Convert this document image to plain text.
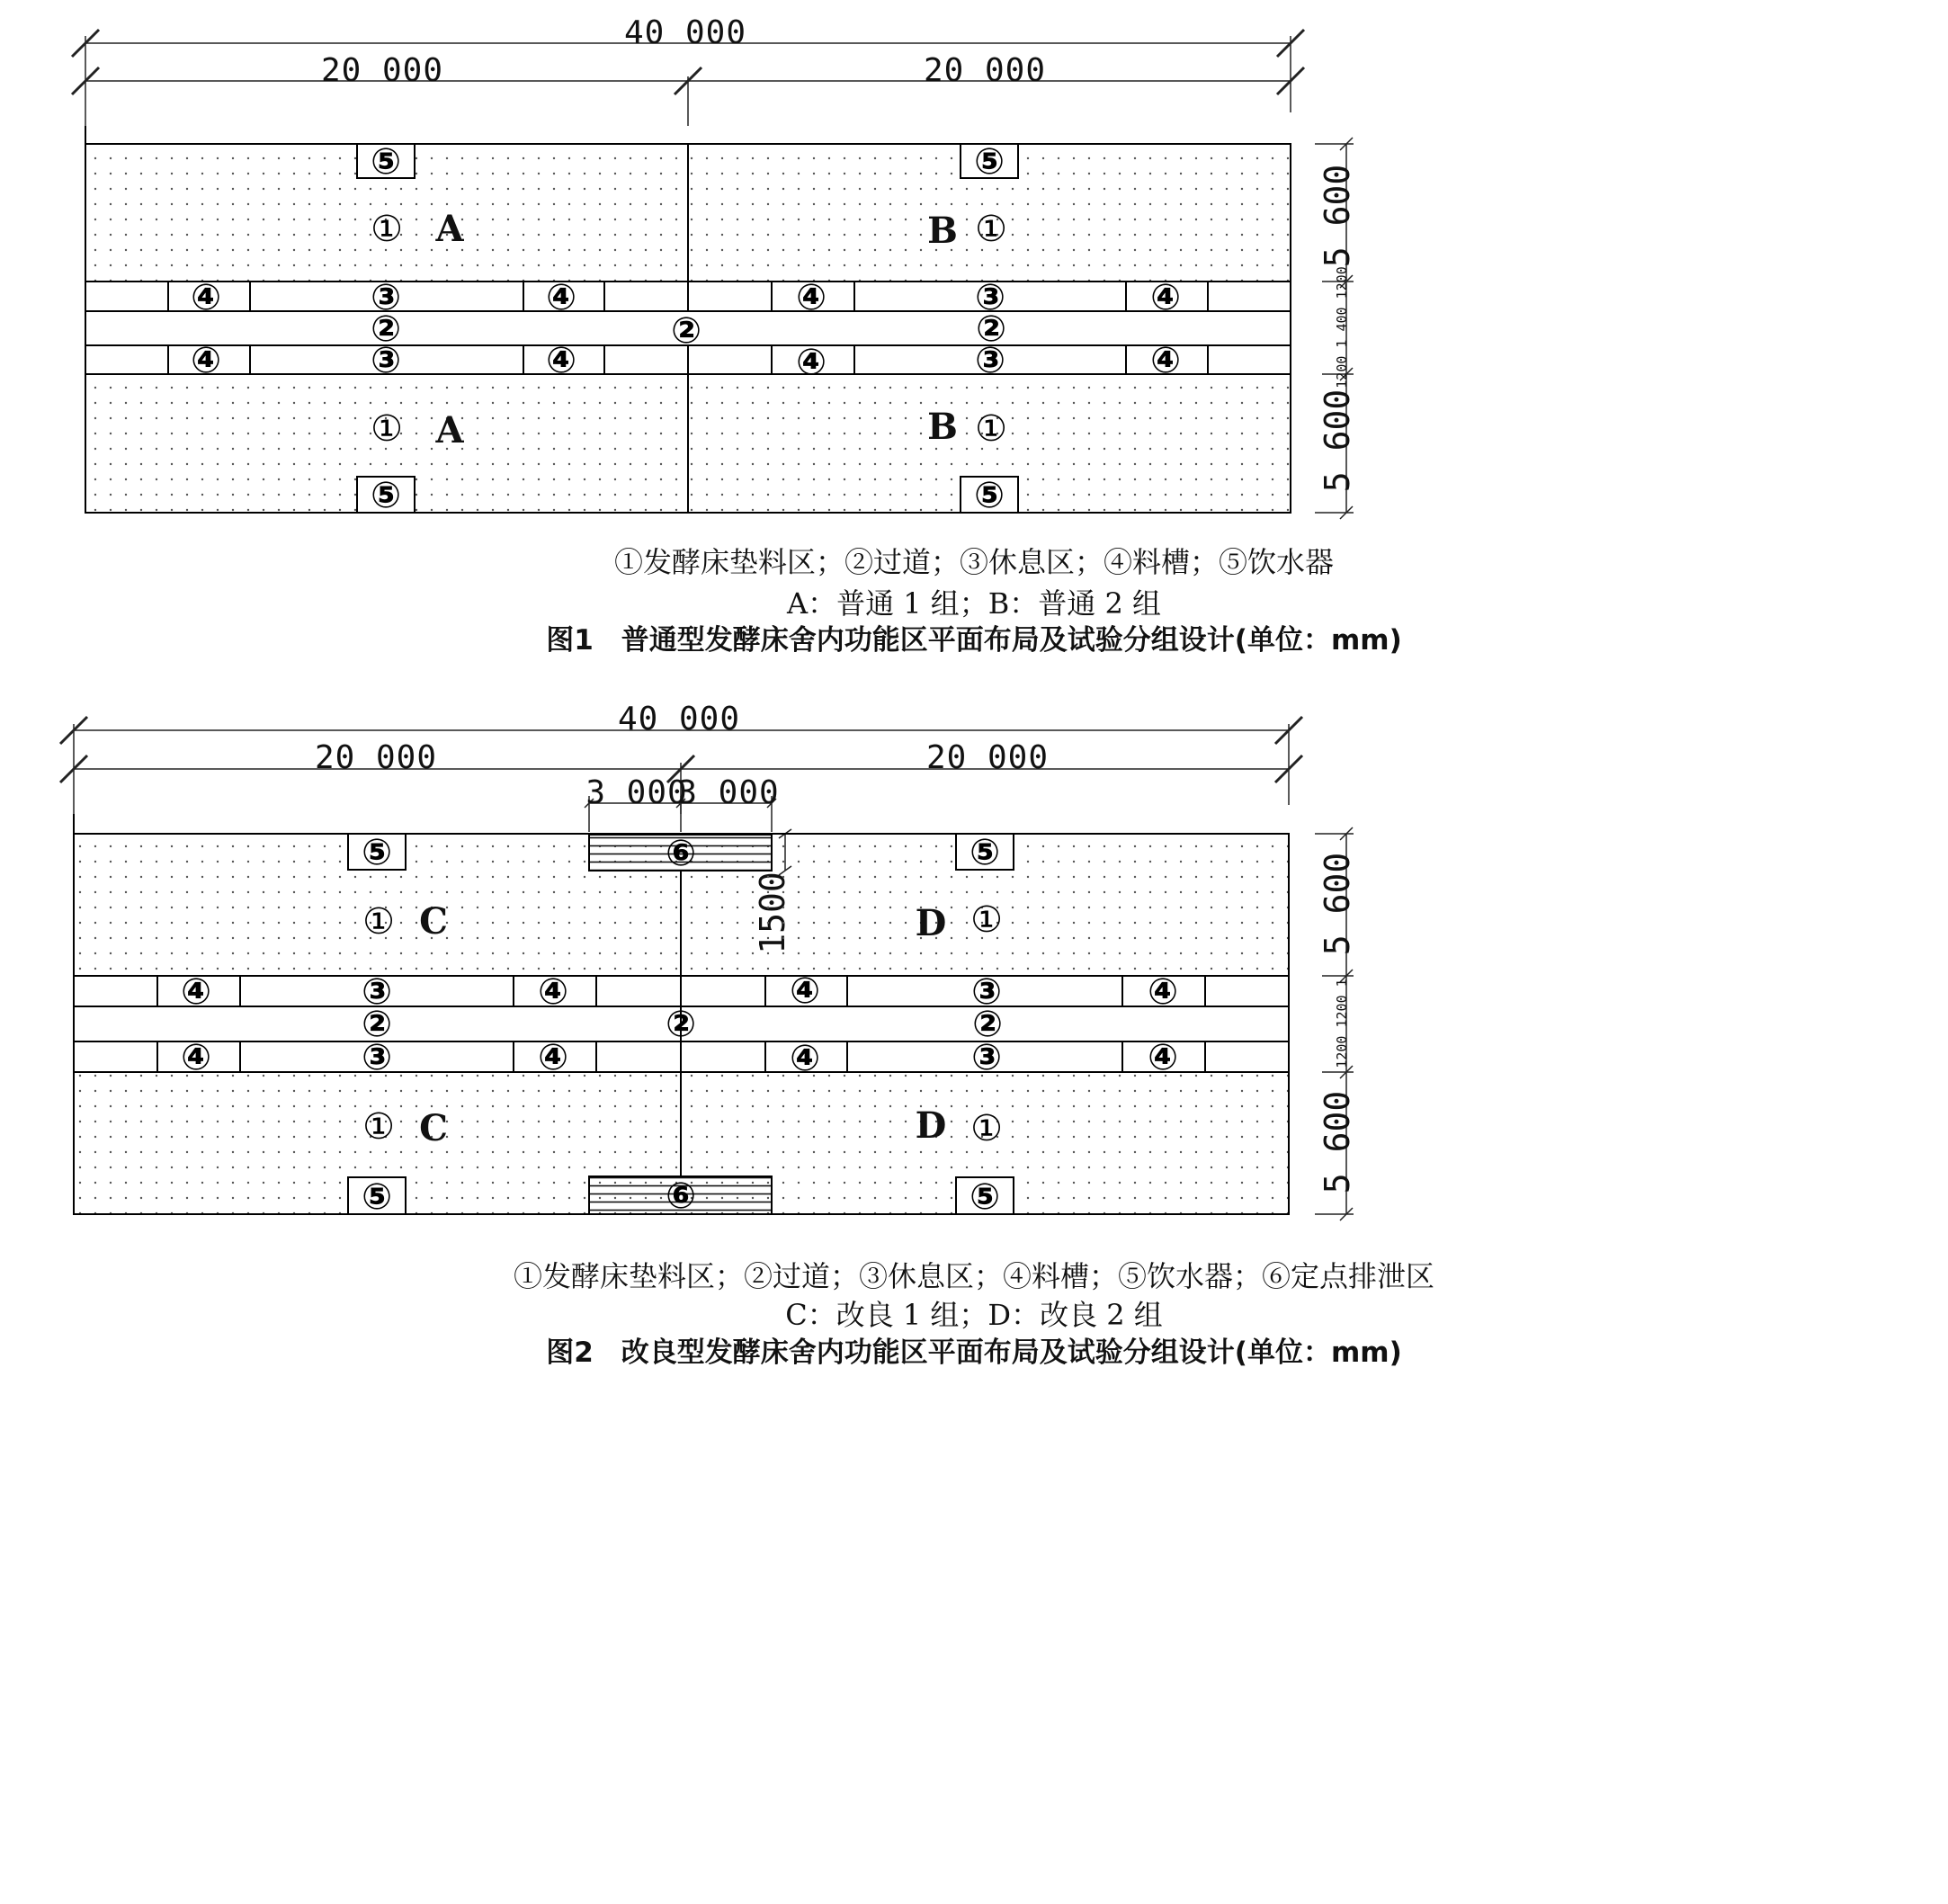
40 000
20 000	20 000
5 600
5 600
1200 1 400 1200
⑤	⑤
⑤	⑤
① A	B ①
① A	B ①
④	③	④	④	③	④
②	②	②
④	③	④	④	③	④
40 000
20 000	20 000
3 000
3 000
5 600
5 600
1200 1200 1
⑥
⑥
⑤	⑤
⑤	⑤
① C	D ①
① C	D ①
④	③	④	④	③	④
②	②	②
④	③	④	④	③	④
①发酵床垫料区；②过道；③休息区；④料槽；⑤饮水器
A：普通 1 组；B：普通 2 组
图1　普通型发酵床舍内功能区平面布局及试验分组设计(单位：mm)
①发酵床垫料区；②过道；③休息区；④料槽；⑤饮水器；⑥定点排泄区
C：改良 1 组；D：改良 2 组
图2　改良型发酵床舍内功能区平面布局及试验分组设计(单位：mm)
